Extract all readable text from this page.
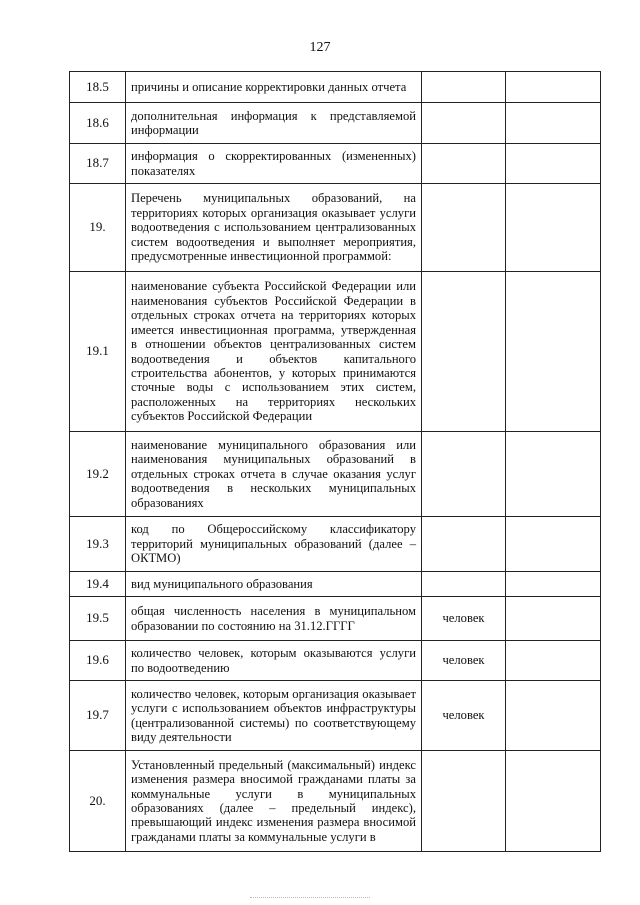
127
18.5	причины и описание корректировки данных отчета		
18.6	дополнительная информация к представляемой информации		
18.7	информация о скорректированных (измененных) показателях		
19.	Перечень муниципальных образований, на территориях которых организация оказывает услуги водоотведения с использованием централизованных систем водоотведения и выполняет мероприятия, предусмотренные инвестиционной программой:		
19.1	наименование субъекта Российской Федерации или наименования субъектов Российской Федерации в отдельных строках отчета на территориях которых имеется инвестиционная программа, утвержденная в отношении объектов централизованных систем водоотведения и объектов капитального строительства абонентов, у которых принимаются сточные воды с использованием этих систем, расположенных на территориях нескольких субъектов Российской Федерации		
19.2	наименование муниципального образования или наименования муниципальных образований в отдельных строках отчета в случае оказания услуг водоотведения в нескольких муниципальных образованиях		
19.3	код по Общероссийскому классификатору территорий муниципальных образований (далее – ОКТМО)		
19.4	вид муниципального образования		
19.5	общая численность населения в муниципальном образовании по состоянию на 31.12.ГГГГ	человек	
19.6	количество человек, которым оказываются услуги по водоотведению	человек	
19.7	количество человек, которым организация оказывает услуги с использованием объектов инфраструктуры (централизованной системы) по соответствующему виду деятельности	человек	
20.	Установленный предельный (максимальный) индекс изменения размера вносимой гражданами платы за коммунальные услуги в муниципальных образованиях (далее – предельный индекс), превышающий индекс изменения размера вносимой гражданами платы за коммунальные услуги в		
